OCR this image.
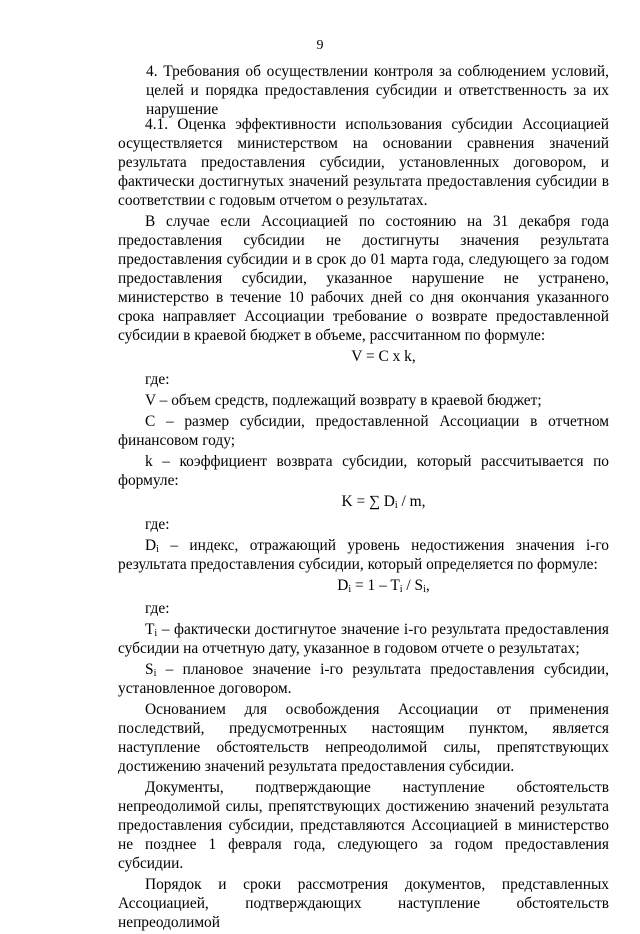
9

4. Требования об осуществлении контроля за соблюдением условий, целей и порядка предоставления субсидии и ответственность за их нарушение

4.1. Оценка эффективности использования субсидии Ассоциацией осуществляется министерством на основании сравнения значений результата предоставления субсидии, установленных договором, и фактически достигнутых значений результата предоставления субсидии в соответствии с годовым отчетом о результатах.

В случае если Ассоциацией по состоянию на 31 декабря года предоставления субсидии не достигнуты значения результата предоставления субсидии и в срок до 01 марта года, следующего за годом предоставления субсидии, указанное нарушение не устранено, министерство в течение 10 рабочих дней со дня окончания указанного срока направляет Ассоциации требование о возврате предоставленной субсидии в краевой бюджет в объеме, рассчитанном по формуле:

V = C x k,

где:

V – объем средств, подлежащий возврату в краевой бюджет;

C – размер субсидии, предоставленной Ассоциации в отчетном финансовом году;

k – коэффициент возврата субсидии, который рассчитывается по формуле:

K = ∑ $D_i$ / m,

где:

$D_i$ – индекс, отражающий уровень недостижения значения i-го результата предоставления субсидии, который определяется по формуле:

$D_i = 1 - T_i / S_i$,

где:

$T_i$ – фактически достигнутое значение i-го результата предоставления субсидии на отчетную дату, указанное в годовом отчете о результатах;

$S_i$ – плановое значение i-го результата предоставления субсидии, установленное договором.

Основанием для освобождения Ассоциации от применения последствий, предусмотренных настоящим пунктом, является наступление обстоятельств непреодолимой силы, препятствующих достижению значений результата предоставления субсидии.

Документы, подтверждающие наступление обстоятельств непреодолимой силы, препятствующих достижению значений результата предоставления субсидии, представляются Ассоциацией в министерство не позднее 1 февраля года, следующего за годом предоставления субсидии.

Порядок и сроки рассмотрения документов, представленных Ассоциацией, подтверждающих наступление обстоятельств непреодолимой
